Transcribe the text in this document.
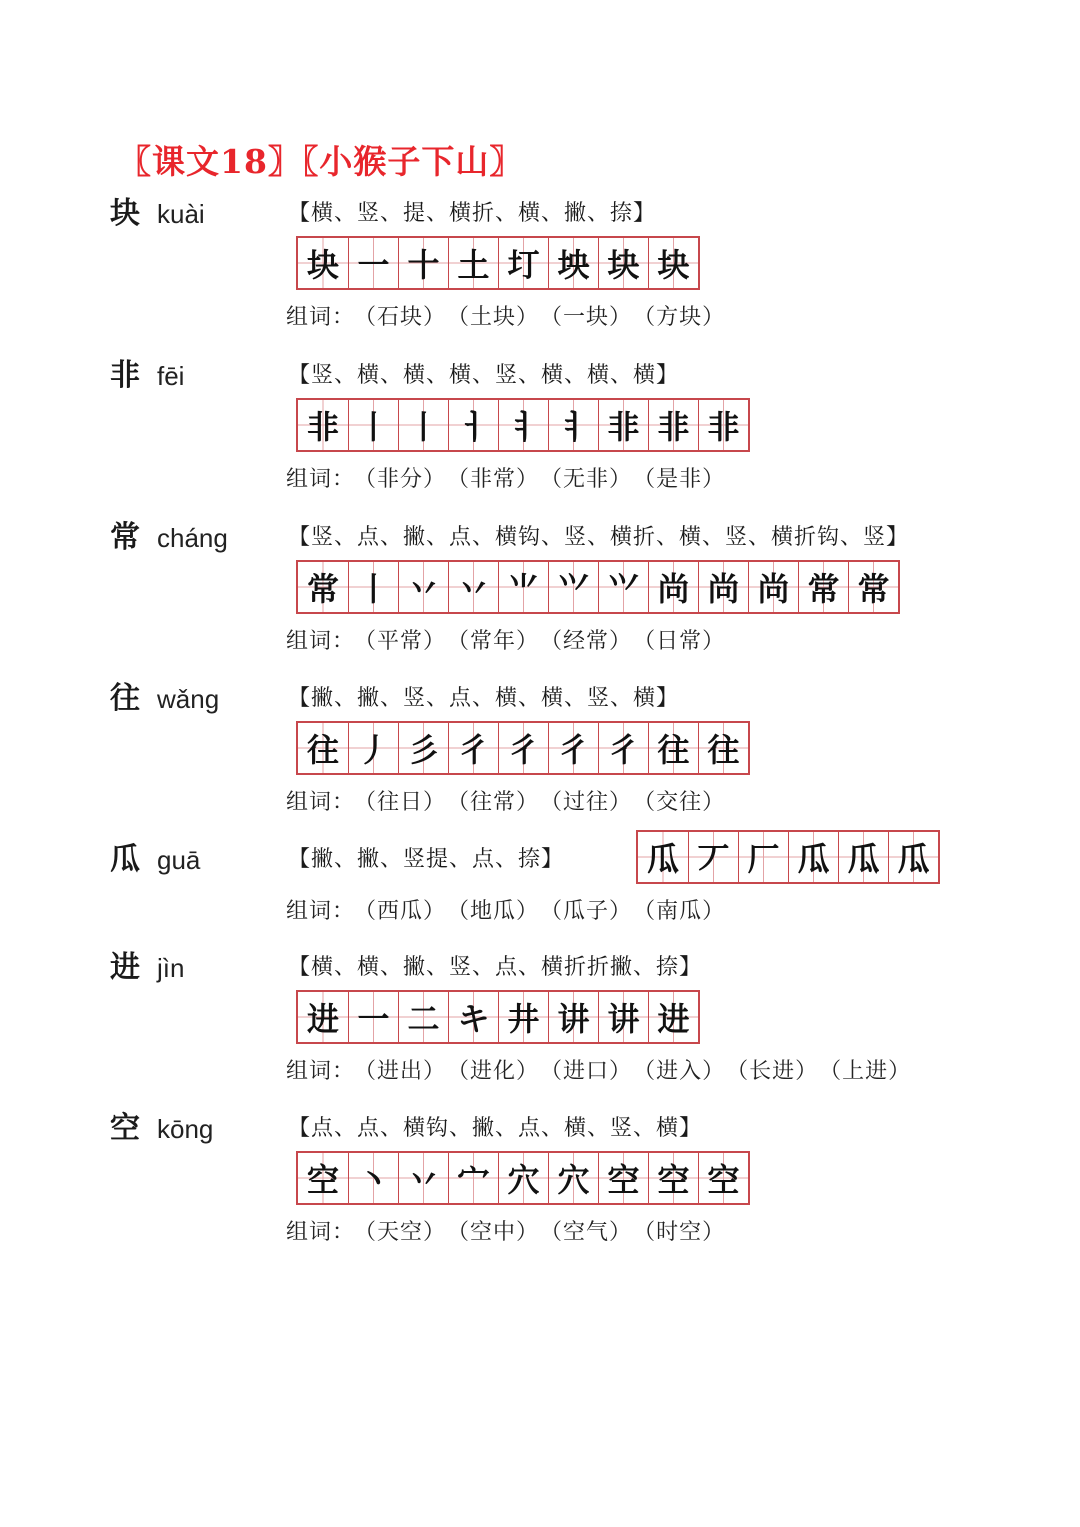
〖课文18〗〖小猴子下山〗
块 kuài	【横、竖、提、横折、横、撇、捺】
块 一 十 土 圢 坱 块 块
组词： （石块） （土块） （一块） （方块）
非 fēi	【竖、横、横、横、竖、横、横、横】
非 丨 丨 ㅓ ㅕ ㅕ 非 非 非
组词： （非分） （非常） （无非） （是非）
常 cháng	【竖、点、撇、点、横钩、竖、横折、横、竖、横折钩、竖】
常 丨 丷 丷 ⺌ ⺍ ⺍ 尚 尚 尚 常 常
组词： （平常） （常年） （经常） （日常）
往 wǎng	【撇、撇、竖、点、横、横、竖、横】
往 丿 彡 彳 彳 彳 彳 往 往
组词： （往日） （往常） （过往） （交往）
瓜 guā	【撇、撇、竖提、点、捺】	瓜 丆 厂 瓜 瓜 瓜
组词： （西瓜） （地瓜） （瓜子） （南瓜）
进 jìn	【横、横、撇、竖、点、横折折撇、捺】
进 一 二 キ 井 讲 讲 进
组词： （进出） （进化） （进口） （进入） （长进） （上进）
空 kōng	【点、点、横钩、撇、点、横、竖、横】
空 丶 丷 宀 穴 穴 空 空 空
组词： （天空） （空中） （空气） （时空）
